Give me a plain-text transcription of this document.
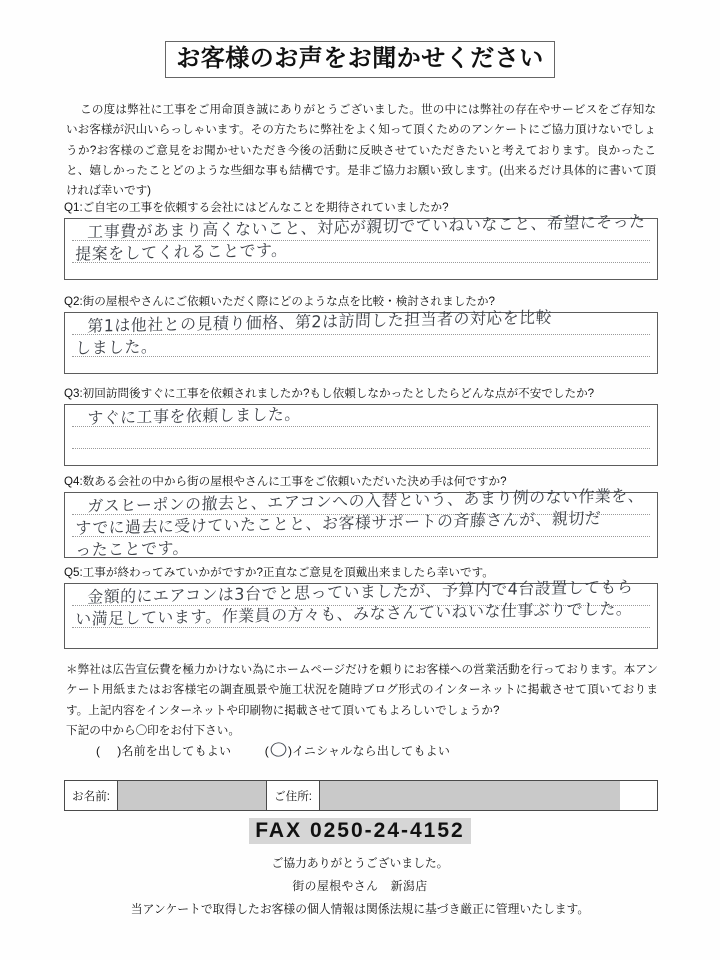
お客様のお声をお聞かせください
この度は弊社に工事をご用命頂き誠にありがとうございました。世の中には弊社の存在やサービスをご存知ないお客様が沢山いらっしゃいます。その方たちに弊社をよく知って頂くためのアンケートにご協力頂けないでしょうか?お客様のご意見をお聞かせいただき今後の活動に反映させていただきたいと考えております。良かったこと、嬉しかったことどのような些細な事も結構です。是非ご協力お願い致します。(出来るだけ具体的に書いて頂ければ幸いです)
Q1:ご自宅の工事を依頼する会社にはどんなことを期待されていましたか?
工事費があまり高くないこと、対応が親切でていねいなこと、希望にそった
提案をしてくれることです。
Q2:街の屋根やさんにご依頼いただく際にどのような点を比較・検討されましたか?
第1は他社との見積り価格、第2は訪問した担当者の対応を比較
しました。
Q3:初回訪問後すぐに工事を依頼されましたか?もし依頼しなかったとしたらどんな点が不安でしたか?
すぐに工事を依頼しました。
Q4:数ある会社の中から街の屋根やさんに工事をご依頼いただいた決め手は何ですか?
ガスヒーポンの撤去と、エアコンへの入替という、あまり例のない作業を、
すでに過去に受けていたことと、お客様サポートの斉藤さんが、親切だ
ったことです。
Q5:工事が終わってみていかがですか?正直なご意見を頂戴出来ましたら幸いです。
金額的にエアコンは3台でと思っていましたが、予算内で4台設置してもら
い満足しています。作業員の方々も、みなさんていねいな仕事ぶりでした。
＊弊社は広告宣伝費を極力かけない為にホームページだけを頼りにお客様への営業活動を行っております。本アンケート用紙またはお客様宅の調査風景や施工状況を随時ブログ形式のインターネットに掲載させて頂いております。上記内容をインターネットや印刷物に掲載させて頂いてもよろしいでしょうか?
下記の中から〇印をお付下さい。
( )名前を出してもよい	( )イニシャルなら出してもよい
お名前:	ご住所:
FAX 0250-24-4152
ご協力ありがとうございました。
街の屋根やさん　新潟店
当アンケートで取得したお客様の個人情報は関係法規に基づき厳正に管理いたします。
